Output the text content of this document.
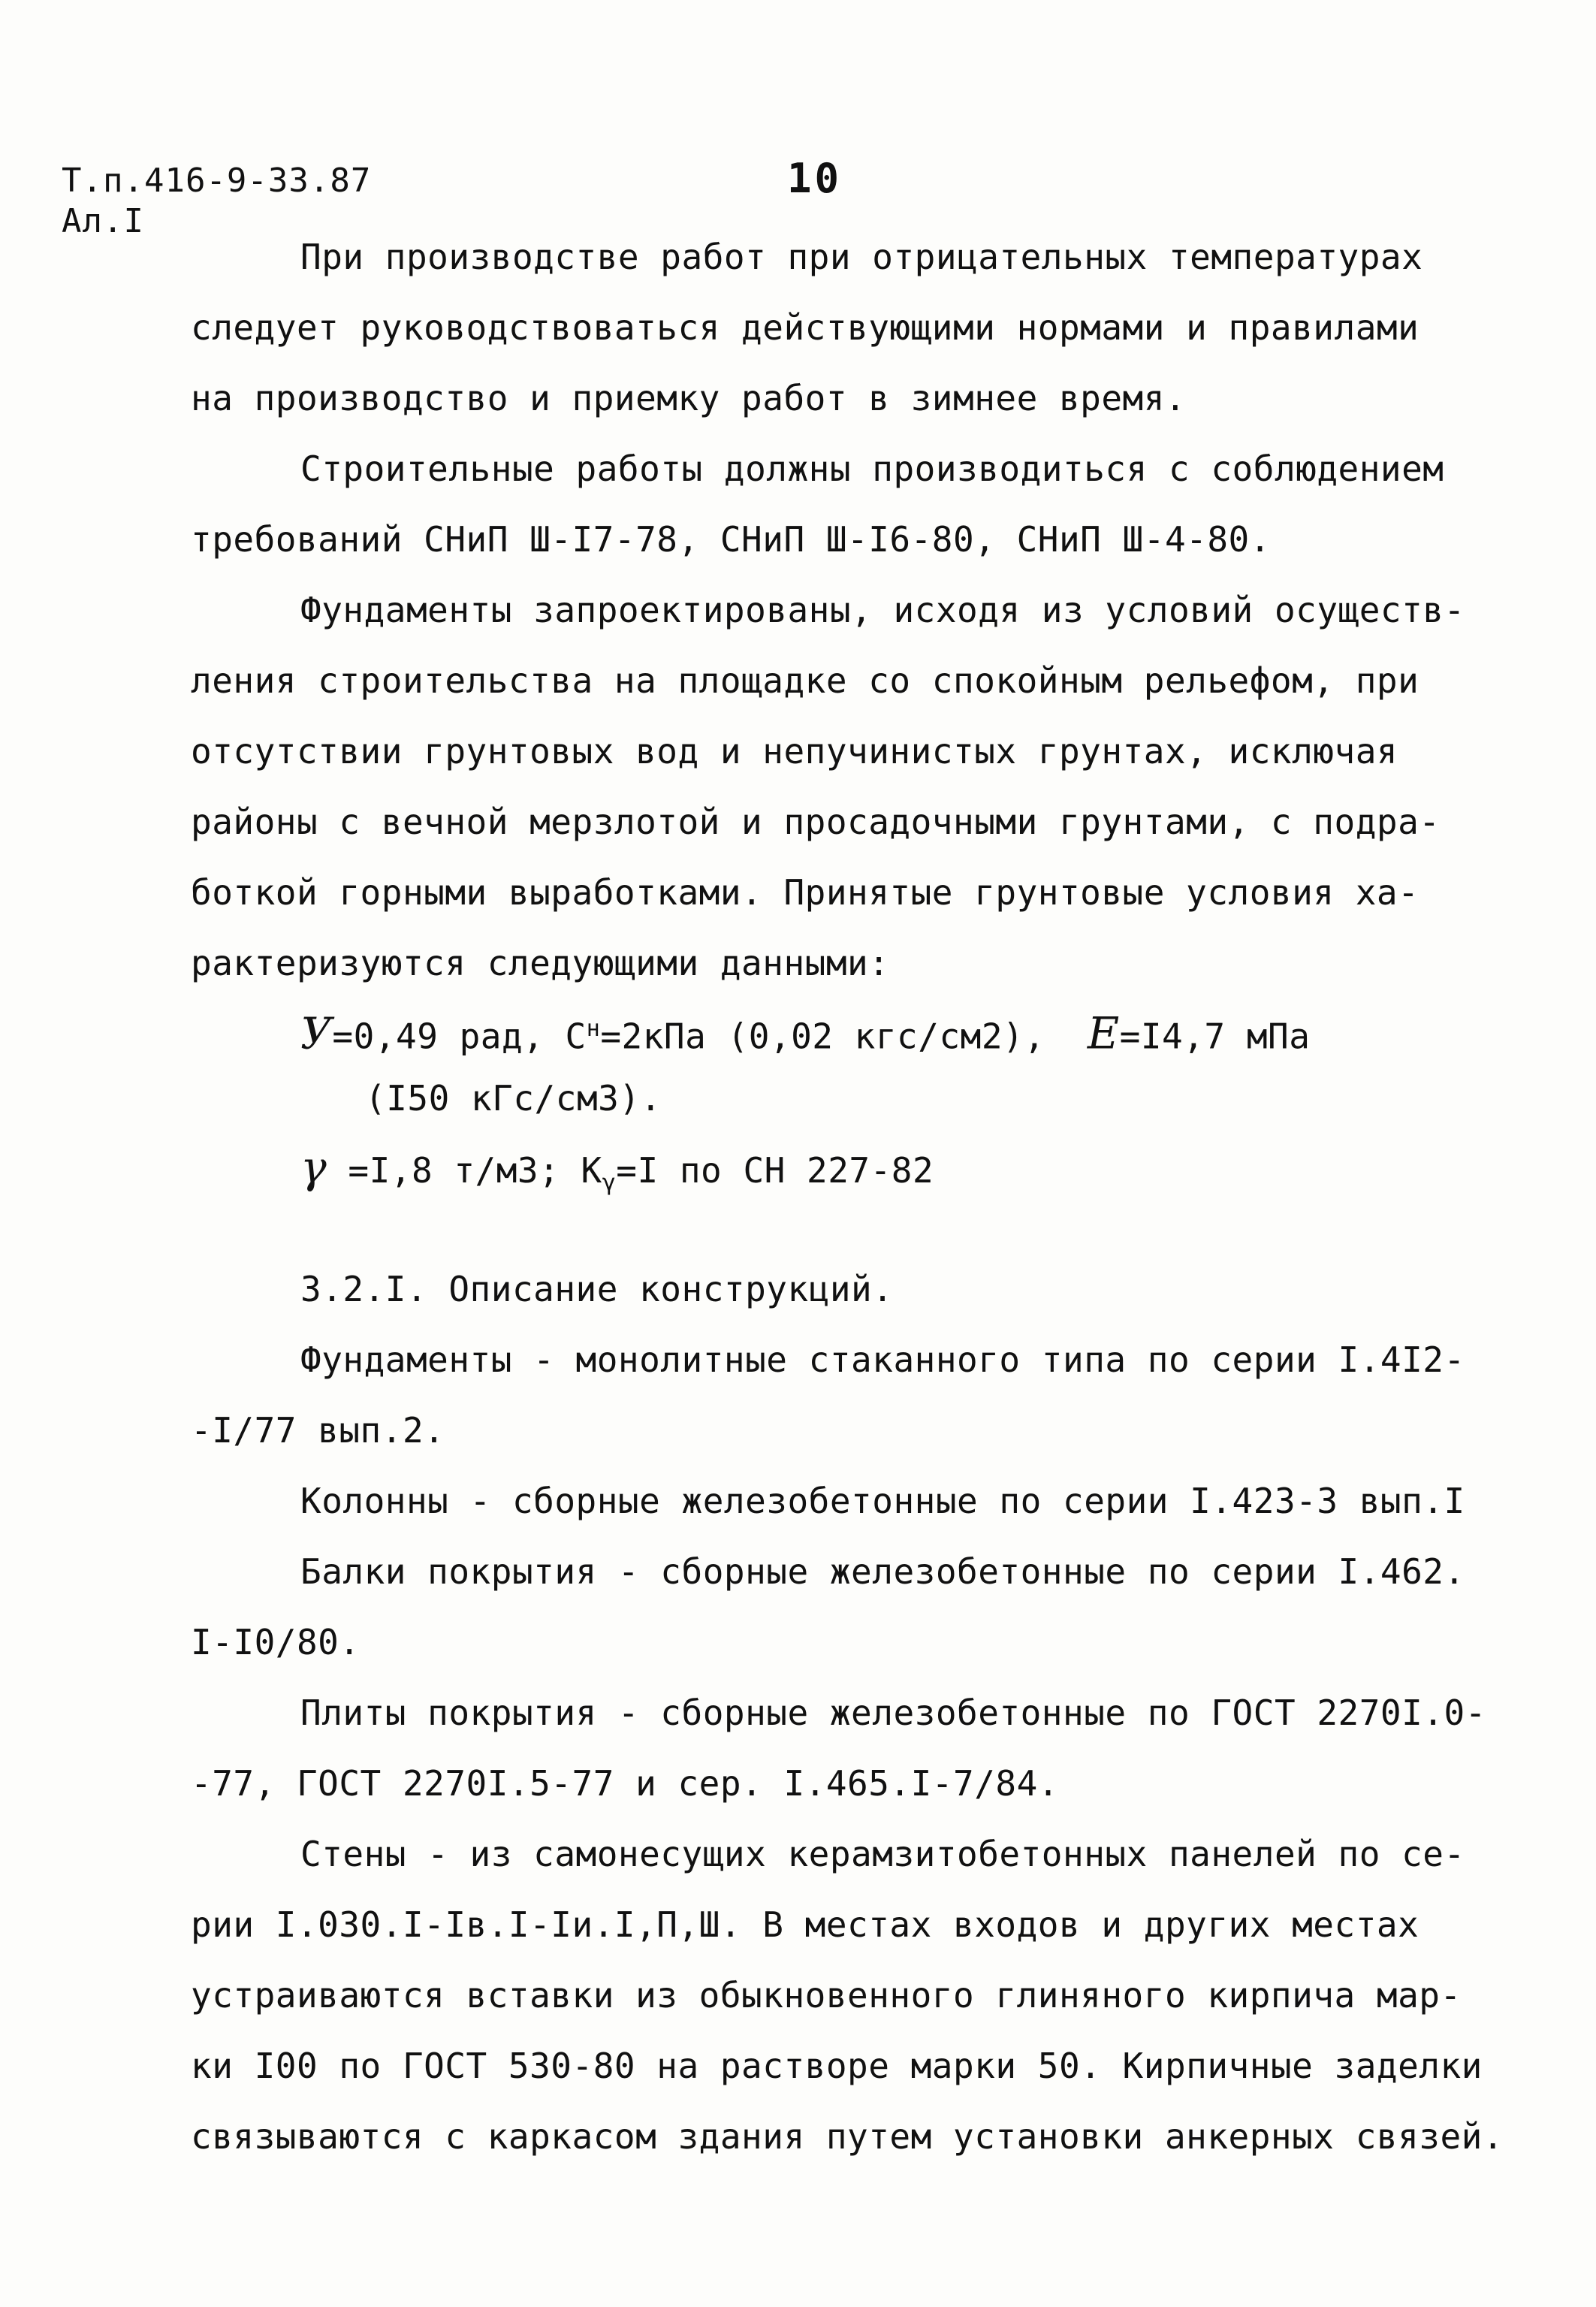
Т.п.416-9-33.87
Ал.I
10
При производстве работ при отрицательных температурах
следует руководствоваться действующими нормами и правилами
на производство и приемку работ в зимнее время.
Строительные работы должны производиться с соблюдением
требований СНиП Ш-I7-78, СНиП Ш-I6-80, СНиП Ш-4-80.
Фундаменты запроектированы, исходя из условий осуществ-
ления строительства на площадке со спокойным рельефом, при
отсутствии грунтовых вод и непучинистых грунтах, исключая
районы с вечной мерзлотой и просадочными грунтами, с подра-
боткой горными выработками. Принятые грунтовые условия ха-
рактеризуются следующими данными:
У=0,49 рад, $С^н=2кПа$ (0,02 кгс/см2), Е=I4,7 мПа
(I50 кГс/см3).
γ =I,8 т/м3; $К_\gamma=I$ по СН 227-82
3.2.I. Описание конструкций.
Фундаменты - монолитные стаканного типа по серии I.4I2-
-I/77 вып.2.
Колонны - сборные железобетонные по серии I.423-3 вып.I
Балки покрытия - сборные железобетонные по серии I.462.
I-I0/80.
Плиты покрытия - сборные железобетонные по ГОСТ 2270I.0-
-77, ГОСТ 2270I.5-77 и сер. I.465.I-7/84.
Стены - из самонесущих керамзитобетонных панелей по се-
рии I.030.I-Iв.I-Iи.I,П,Ш. В местах входов и других местах
устраиваются вставки из обыкновенного глиняного кирпича мар-
ки I00 по ГОСТ 530-80 на растворе марки 50. Кирпичные заделки
связываются с каркасом здания путем установки анкерных связей.
